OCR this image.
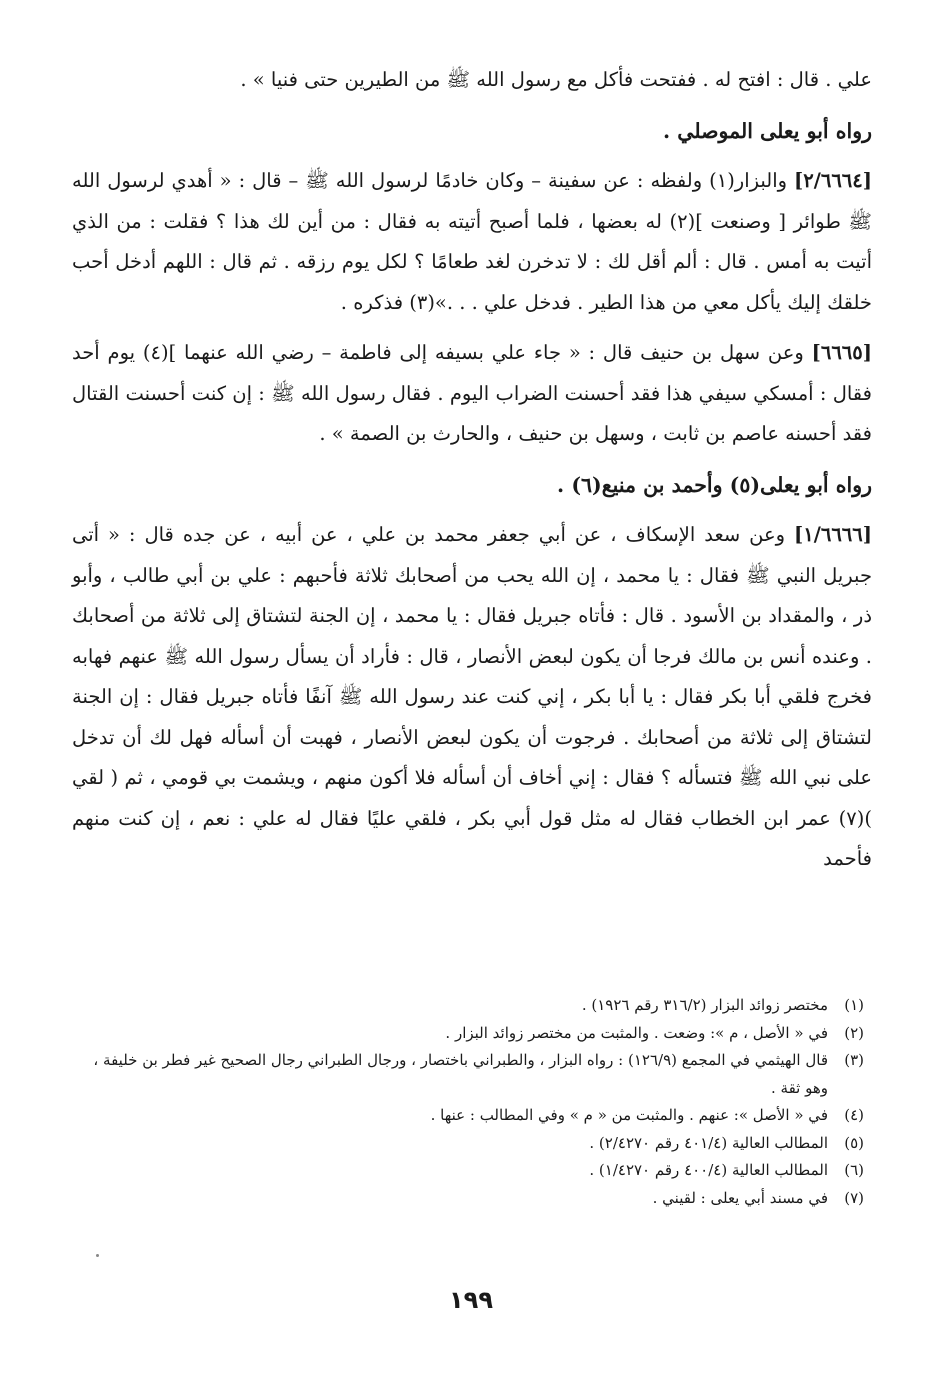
علي . قال : افتح له . ففتحت فأكل مع رسول الله ﷺ من الطيرين حتى فنيا » .

رواه أبو يعلى الموصلي .

[٢/٦٦٦٤] والبزار(١) ولفظه : عن سفينة – وكان خادمًا لرسول الله ﷺ – قال : « أهدي لرسول الله ﷺ طوائر [ وصنعت ](٢) له بعضها ، فلما أصبح أتيته به فقال : من أين لك هذا ؟ فقلت : من الذي أتيت به أمس . قال : ألم أقل لك : لا تدخرن لغد طعامًا ؟ لكل يوم رزقه . ثم قال : اللهم أدخل أحب خلقك إليك يأكل معي من هذا الطير . فدخل علي . . .»(٣) فذكره .

[٦٦٦٥] وعن سهل بن حنيف قال : « جاء علي بسيفه إلى فاطمة – رضي الله عنهما ](٤) يوم أحد فقال : أمسكي سيفي هذا فقد أحسنت الضراب اليوم . فقال رسول الله ﷺ : إن كنت أحسنت القتال فقد أحسنه عاصم بن ثابت ، وسهل بن حنيف ، والحارث بن الصمة » .

رواه أبو يعلى(٥) وأحمد بن منيع(٦) .

[١/٦٦٦٦] وعن سعد الإسكاف ، عن أبي جعفر محمد بن علي ، عن أبيه ، عن جده قال : « أتى جبريل النبي ﷺ فقال : يا محمد ، إن الله يحب من أصحابك ثلاثة فأحبهم : علي بن أبي طالب ، وأبو ذر ، والمقداد بن الأسود . قال : فأتاه جبريل فقال : يا محمد ، إن الجنة لتشتاق إلى ثلاثة من أصحابك . وعنده أنس بن مالك فرجا أن يكون لبعض الأنصار ، قال : فأراد أن يسأل رسول الله ﷺ عنهم فهابه فخرج فلقي أبا بكر فقال : يا أبا بكر ، إني كنت عند رسول الله ﷺ آنفًا فأتاه جبريل فقال : إن الجنة لتشتاق إلى ثلاثة من أصحابك . فرجوت أن يكون لبعض الأنصار ، فهبت أن أسأله فهل لك أن تدخل على نبي الله ﷺ فتسأله ؟ فقال : إني أخاف أن أسأله فلا أكون منهم ، ويشمت بي قومي ، ثم ( لقي )(٧) عمر ابن الخطاب فقال له مثل قول أبي بكر ، فلقي عليًا فقال له علي : نعم ، إن كنت منهم فأحمد

(١)
مختصر زوائد البزار (٣١٦/٢ رقم ١٩٢٦) .
(٢)
في « الأصل ، م »: وضعت . والمثبت من مختصر زوائد البزار .
(٣)
قال الهيثمي في المجمع (١٢٦/٩) : رواه البزار ، والطبراني باختصار ، ورجال الطبراني رجال الصحيح غير فطر بن خليفة ، وهو ثقة .
(٤)
في « الأصل »: عنهم . والمثبت من « م » وفي المطالب : عنها .
(٥)
المطالب العالية (٤٠١/٤ رقم ٢/٤٢٧٠) .
(٦)
المطالب العالية (٤٠٠/٤ رقم ١/٤٢٧٠) .
(٧)
في مسند أبي يعلى : لقيني .
١٩٩
